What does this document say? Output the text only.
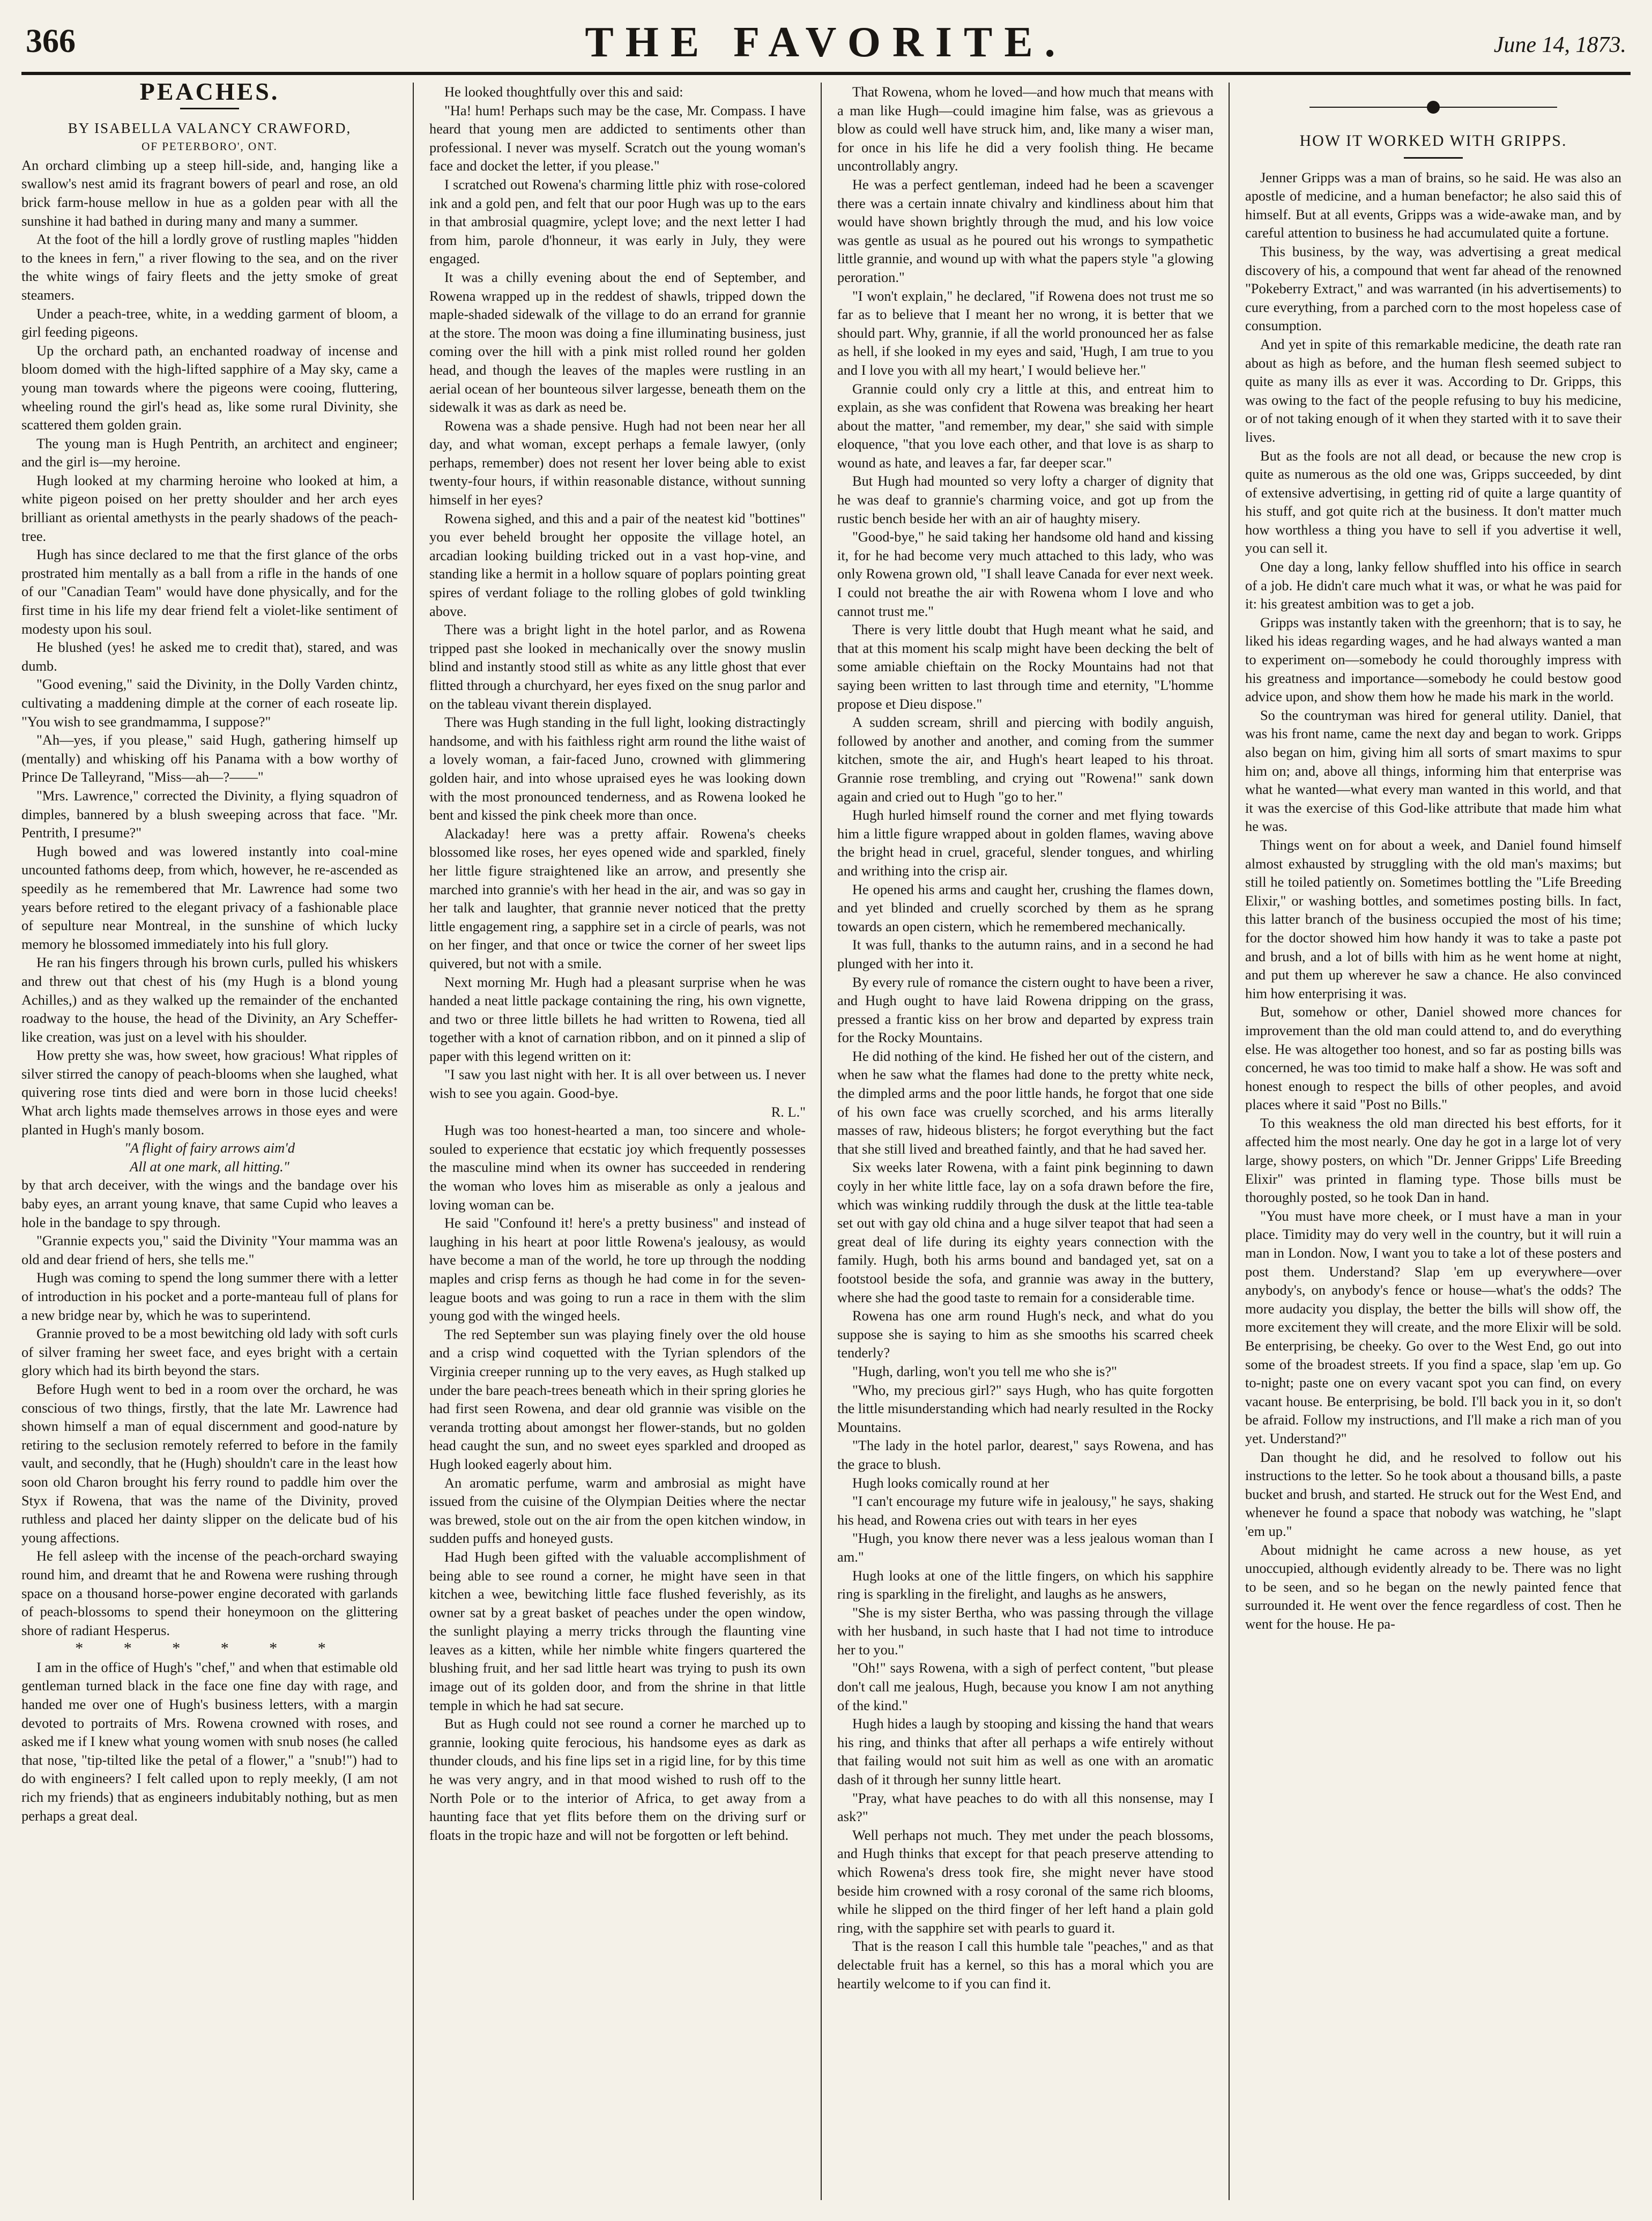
366	THE FAVORITE.	June 14, 1873.

PEACHES.

BY ISABELLA VALANCY CRAWFORD,

OF PETERBORO', ONT.

An orchard climbing up a steep hill-side, and, hanging like a swallow's nest amid its fragrant bowers of pearl and rose, an old brick farm-house mellow in hue as a golden pear with all the sunshine it had bathed in during many and many a summer.

At the foot of the hill a lordly grove of rustling maples "hidden to the knees in fern," a river flowing to the sea, and on the river the white wings of fairy fleets and the jetty smoke of great steamers.

Under a peach-tree, white, in a wedding garment of bloom, a girl feeding pigeons.

Up the orchard path, an enchanted roadway of incense and bloom domed with the high-lifted sapphire of a May sky, came a young man towards where the pigeons were cooing, fluttering, wheeling round the girl's head as, like some rural Divinity, she scattered them golden grain.

The young man is Hugh Pentrith, an architect and engineer; and the girl is—my heroine.

Hugh looked at my charming heroine who looked at him, a white pigeon poised on her pretty shoulder and her arch eyes brilliant as oriental amethysts in the pearly shadows of the peach-tree.

Hugh has since declared to me that the first glance of the orbs prostrated him mentally as a ball from a rifle in the hands of one of our "Canadian Team" would have done physically, and for the first time in his life my dear friend felt a violet-like sentiment of modesty upon his soul.

He blushed (yes! he asked me to credit that), stared, and was dumb.

"Good evening," said the Divinity, in the Dolly Varden chintz, cultivating a maddening dimple at the corner of each roseate lip. "You wish to see grandmamma, I suppose?"

"Ah—yes, if you please," said Hugh, gathering himself up (mentally) and whisking off his Panama with a bow worthy of Prince De Talleyrand, "Miss—ah—?——"

"Mrs. Lawrence," corrected the Divinity, a flying squadron of dimples, bannered by a blush sweeping across that face. "Mr. Pentrith, I presume?"

Hugh bowed and was lowered instantly into coal-mine uncounted fathoms deep, from which, however, he re-ascended as speedily as he remembered that Mr. Lawrence had some two years before retired to the elegant privacy of a fashionable place of sepulture near Montreal, in the sunshine of which lucky memory he blossomed immediately into his full glory.

He ran his fingers through his brown curls, pulled his whiskers and threw out that chest of his (my Hugh is a blond young Achilles,) and as they walked up the remainder of the enchanted roadway to the house, the head of the Divinity, an Ary Scheffer-like creation, was just on a level with his shoulder.

How pretty she was, how sweet, how gracious! What ripples of silver stirred the canopy of peach-blooms when she laughed, what quivering rose tints died and were born in those lucid cheeks! What arch lights made themselves arrows in those eyes and were planted in Hugh's manly bosom.

"A flight of fairy arrows aim'd

All at one mark, all hitting."

by that arch deceiver, with the wings and the bandage over his baby eyes, an arrant young knave, that same Cupid who leaves a hole in the bandage to spy through.

"Grannie expects you," said the Divinity "Your mamma was an old and dear friend of hers, she tells me."

Hugh was coming to spend the long summer there with a letter of introduction in his pocket and a porte-manteau full of plans for a new bridge near by, which he was to superintend.

Grannie proved to be a most bewitching old lady with soft curls of silver framing her sweet face, and eyes bright with a certain glory which had its birth beyond the stars.

Before Hugh went to bed in a room over the orchard, he was conscious of two things, firstly, that the late Mr. Lawrence had shown himself a man of equal discernment and good-nature by retiring to the seclusion remotely referred to before in the family vault, and secondly, that he (Hugh) shouldn't care in the least how soon old Charon brought his ferry round to paddle him over the Styx if Rowena, that was the name of the Divinity, proved ruthless and placed her dainty slipper on the delicate bud of his young affections.

He fell asleep with the incense of the peach-orchard swaying round him, and dreamt that he and Rowena were rushing through space on a thousand horse-power engine decorated with garlands of peach-blossoms to spend their honeymoon on the glittering shore of radiant Hesperus.

* * * * * *

I am in the office of Hugh's "chef," and when that estimable old gentleman turned black in the face one fine day with rage, and handed me over one of Hugh's business letters, with a margin devoted to portraits of Mrs. Rowena crowned with roses, and asked me if I knew what young women with snub noses (he called that nose, "tip-tilted like the petal of a flower," a "snub!") had to do with engineers? I felt called upon to reply meekly, (I am not rich my friends) that as engineers indubitably nothing, but as men perhaps a great deal.

He looked thoughtfully over this and said:

"Ha! hum! Perhaps such may be the case, Mr. Compass. I have heard that young men are addicted to sentiments other than professional. I never was myself. Scratch out the young woman's face and docket the letter, if you please."

I scratched out Rowena's charming little phiz with rose-colored ink and a gold pen, and felt that our poor Hugh was up to the ears in that ambrosial quagmire, yclept love; and the next letter I had from him, parole d'honneur, it was early in July, they were engaged.

It was a chilly evening about the end of September, and Rowena wrapped up in the reddest of shawls, tripped down the maple-shaded sidewalk of the village to do an errand for grannie at the store. The moon was doing a fine illuminating business, just coming over the hill with a pink mist rolled round her golden head, and though the leaves of the maples were rustling in an aerial ocean of her bounteous silver largesse, beneath them on the sidewalk it was as dark as need be.

Rowena was a shade pensive. Hugh had not been near her all day, and what woman, except perhaps a female lawyer, (only perhaps, remember) does not resent her lover being able to exist twenty-four hours, if within reasonable distance, without sunning himself in her eyes?

Rowena sighed, and this and a pair of the neatest kid "bottines" you ever beheld brought her opposite the village hotel, an arcadian looking building tricked out in a vast hop-vine, and standing like a hermit in a hollow square of poplars pointing great spires of verdant foliage to the rolling globes of gold twinkling above.

There was a bright light in the hotel parlor, and as Rowena tripped past she looked in mechanically over the snowy muslin blind and instantly stood still as white as any little ghost that ever flitted through a churchyard, her eyes fixed on the snug parlor and on the tableau vivant therein displayed.

There was Hugh standing in the full light, looking distractingly handsome, and with his faithless right arm round the lithe waist of a lovely woman, a fair-faced Juno, crowned with glimmering golden hair, and into whose upraised eyes he was looking down with the most pronounced tenderness, and as Rowena looked he bent and kissed the pink cheek more than once.

Alackaday! here was a pretty affair. Rowena's cheeks blossomed like roses, her eyes opened wide and sparkled, finely her little figure straightened like an arrow, and presently she marched into grannie's with her head in the air, and was so gay in her talk and laughter, that grannie never noticed that the pretty little engagement ring, a sapphire set in a circle of pearls, was not on her finger, and that once or twice the corner of her sweet lips quivered, but not with a smile.

Next morning Mr. Hugh had a pleasant surprise when he was handed a neat little package containing the ring, his own vignette, and two or three little billets he had written to Rowena, tied all together with a knot of carnation ribbon, and on it pinned a slip of paper with this legend written on it:

"I saw you last night with her. It is all over between us. I never wish to see you again. Good-bye.

R. L."

Hugh was too honest-hearted a man, too sincere and whole-souled to experience that ecstatic joy which frequently possesses the masculine mind when its owner has succeeded in rendering the woman who loves him as miserable as only a jealous and loving woman can be.

He said "Confound it! here's a pretty business" and instead of laughing in his heart at poor little Rowena's jealousy, as would have become a man of the world, he tore up through the nodding maples and crisp ferns as though he had come in for the seven-league boots and was going to run a race in them with the slim young god with the winged heels.

The red September sun was playing finely over the old house and a crisp wind coquetted with the Tyrian splendors of the Virginia creeper running up to the very eaves, as Hugh stalked up under the bare peach-trees beneath which in their spring glories he had first seen Rowena, and dear old grannie was visible on the veranda trotting about amongst her flower-stands, but no golden head caught the sun, and no sweet eyes sparkled and drooped as Hugh looked eagerly about him.

An aromatic perfume, warm and ambrosial as might have issued from the cuisine of the Olympian Deities where the nectar was brewed, stole out on the air from the open kitchen window, in sudden puffs and honeyed gusts.

Had Hugh been gifted with the valuable accomplishment of being able to see round a corner, he might have seen in that kitchen a wee, bewitching little face flushed feverishly, as its owner sat by a great basket of peaches under the open window, the sunlight playing a merry tricks through the flaunting vine leaves as a kitten, while her nimble white fingers quartered the blushing fruit, and her sad little heart was trying to push its own image out of its golden door, and from the shrine in that little temple in which he had sat secure.

But as Hugh could not see round a corner he marched up to grannie, looking quite ferocious, his handsome eyes as dark as thunder clouds, and his fine lips set in a rigid line, for by this time he was very angry, and in that mood wished to rush off to the North Pole or to the interior of Africa, to get away from a haunting face that yet flits before them on the driving surf or floats in the tropic haze and will not be forgotten or left behind.

That Rowena, whom he loved—and how much that means with a man like Hugh—could imagine him false, was as grievous a blow as could well have struck him, and, like many a wiser man, for once in his life he did a very foolish thing. He became uncontrollably angry.

He was a perfect gentleman, indeed had he been a scavenger there was a certain innate chivalry and kindliness about him that would have shown brightly through the mud, and his low voice was gentle as usual as he poured out his wrongs to sympathetic little grannie, and wound up with what the papers style "a glowing peroration."

"I won't explain," he declared, "if Rowena does not trust me so far as to believe that I meant her no wrong, it is better that we should part. Why, grannie, if all the world pronounced her as false as hell, if she looked in my eyes and said, 'Hugh, I am true to you and I love you with all my heart,' I would believe her."

Grannie could only cry a little at this, and entreat him to explain, as she was confident that Rowena was breaking her heart about the matter, "and remember, my dear," she said with simple eloquence, "that you love each other, and that love is as sharp to wound as hate, and leaves a far, far deeper scar."

But Hugh had mounted so very lofty a charger of dignity that he was deaf to grannie's charming voice, and got up from the rustic bench beside her with an air of haughty misery.

"Good-bye," he said taking her handsome old hand and kissing it, for he had become very much attached to this lady, who was only Rowena grown old, "I shall leave Canada for ever next week. I could not breathe the air with Rowena whom I love and who cannot trust me."

There is very little doubt that Hugh meant what he said, and that at this moment his scalp might have been decking the belt of some amiable chieftain on the Rocky Mountains had not that saying been written to last through time and eternity, "L'homme propose et Dieu dispose."

A sudden scream, shrill and piercing with bodily anguish, followed by another and another, and coming from the summer kitchen, smote the air, and Hugh's heart leaped to his throat. Grannie rose trembling, and crying out "Rowena!" sank down again and cried out to Hugh "go to her."

Hugh hurled himself round the corner and met flying towards him a little figure wrapped about in golden flames, waving above the bright head in cruel, graceful, slender tongues, and whirling and writhing into the crisp air.

He opened his arms and caught her, crushing the flames down, and yet blinded and cruelly scorched by them as he sprang towards an open cistern, which he remembered mechanically.

It was full, thanks to the autumn rains, and in a second he had plunged with her into it.

By every rule of romance the cistern ought to have been a river, and Hugh ought to have laid Rowena dripping on the grass, pressed a frantic kiss on her brow and departed by express train for the Rocky Mountains.

He did nothing of the kind. He fished her out of the cistern, and when he saw what the flames had done to the pretty white neck, the dimpled arms and the poor little hands, he forgot that one side of his own face was cruelly scorched, and his arms literally masses of raw, hideous blisters; he forgot everything but the fact that she still lived and breathed faintly, and that he had saved her.

Six weeks later Rowena, with a faint pink beginning to dawn coyly in her white little face, lay on a sofa drawn before the fire, which was winking ruddily through the dusk at the little tea-table set out with gay old china and a huge silver teapot that had seen a great deal of life during its eighty years connection with the family. Hugh, both his arms bound and bandaged yet, sat on a footstool beside the sofa, and grannie was away in the buttery, where she had the good taste to remain for a considerable time.

Rowena has one arm round Hugh's neck, and what do you suppose she is saying to him as she smooths his scarred cheek tenderly?

"Hugh, darling, won't you tell me who she is?"

"Who, my precious girl?" says Hugh, who has quite forgotten the little misunderstanding which had nearly resulted in the Rocky Mountains.

"The lady in the hotel parlor, dearest," says Rowena, and has the grace to blush.

Hugh looks comically round at her

"I can't encourage my future wife in jealousy," he says, shaking his head, and Rowena cries out with tears in her eyes

"Hugh, you know there never was a less jealous woman than I am."

Hugh looks at one of the little fingers, on which his sapphire ring is sparkling in the firelight, and laughs as he answers,

"She is my sister Bertha, who was passing through the village with her husband, in such haste that I had not time to introduce her to you."

"Oh!" says Rowena, with a sigh of perfect content, "but please don't call me jealous, Hugh, because you know I am not anything of the kind."

Hugh hides a laugh by stooping and kissing the hand that wears his ring, and thinks that after all perhaps a wife entirely without that failing would not suit him as well as one with an aromatic dash of it through her sunny little heart.

"Pray, what have peaches to do with all this nonsense, may I ask?"

Well perhaps not much. They met under the peach blossoms, and Hugh thinks that except for that peach preserve attending to which Rowena's dress took fire, she might never have stood beside him crowned with a rosy coronal of the same rich blooms, while he slipped on the third finger of her left hand a plain gold ring, with the sapphire set with pearls to guard it.

That is the reason I call this humble tale "peaches," and as that delectable fruit has a kernel, so this has a moral which you are heartily welcome to if you can find it.

HOW IT WORKED WITH GRIPPS.

Jenner Gripps was a man of brains, so he said. He was also an apostle of medicine, and a human benefactor; he also said this of himself. But at all events, Gripps was a wide-awake man, and by careful attention to business he had accumulated quite a fortune.

This business, by the way, was advertising a great medical discovery of his, a compound that went far ahead of the renowned "Pokeberry Extract," and was warranted (in his advertisements) to cure everything, from a parched corn to the most hopeless case of consumption.

And yet in spite of this remarkable medicine, the death rate ran about as high as before, and the human flesh seemed subject to quite as many ills as ever it was. According to Dr. Gripps, this was owing to the fact of the people refusing to buy his medicine, or of not taking enough of it when they started with it to save their lives.

But as the fools are not all dead, or because the new crop is quite as numerous as the old one was, Gripps succeeded, by dint of extensive advertising, in getting rid of quite a large quantity of his stuff, and got quite rich at the business. It don't matter much how worthless a thing you have to sell if you advertise it well, you can sell it.

One day a long, lanky fellow shuffled into his office in search of a job. He didn't care much what it was, or what he was paid for it: his greatest ambition was to get a job.

Gripps was instantly taken with the greenhorn; that is to say, he liked his ideas regarding wages, and he had always wanted a man to experiment on—somebody he could thoroughly impress with his greatness and importance—somebody he could bestow good advice upon, and show them how he made his mark in the world.

So the countryman was hired for general utility. Daniel, that was his front name, came the next day and began to work. Gripps also began on him, giving him all sorts of smart maxims to spur him on; and, above all things, informing him that enterprise was what he wanted—what every man wanted in this world, and that it was the exercise of this God-like attribute that made him what he was.

Things went on for about a week, and Daniel found himself almost exhausted by struggling with the old man's maxims; but still he toiled patiently on. Sometimes bottling the "Life Breeding Elixir," or washing bottles, and sometimes posting bills. In fact, this latter branch of the business occupied the most of his time; for the doctor showed him how handy it was to take a paste pot and brush, and a lot of bills with him as he went home at night, and put them up wherever he saw a chance. He also convinced him how enterprising it was.

But, somehow or other, Daniel showed more chances for improvement than the old man could attend to, and do everything else. He was altogether too honest, and so far as posting bills was concerned, he was too timid to make half a show. He was soft and honest enough to respect the bills of other peoples, and avoid places where it said "Post no Bills."

To this weakness the old man directed his best efforts, for it affected him the most nearly. One day he got in a large lot of very large, showy posters, on which "Dr. Jenner Gripps' Life Breeding Elixir" was printed in flaming type. Those bills must be thoroughly posted, so he took Dan in hand.

"You must have more cheek, or I must have a man in your place. Timidity may do very well in the country, but it will ruin a man in London. Now, I want you to take a lot of these posters and post them. Understand? Slap 'em up everywhere—over anybody's, on anybody's fence or house—what's the odds? The more audacity you display, the better the bills will show off, the more excitement they will create, and the more Elixir will be sold. Be enterprising, be cheeky. Go over to the West End, go out into some of the broadest streets. If you find a space, slap 'em up. Go to-night; paste one on every vacant spot you can find, on every vacant house. Be enterprising, be bold. I'll back you in it, so don't be afraid. Follow my instructions, and I'll make a rich man of you yet. Understand?"

Dan thought he did, and he resolved to follow out his instructions to the letter. So he took about a thousand bills, a paste bucket and brush, and started. He struck out for the West End, and whenever he found a space that nobody was watching, he "slapt 'em up."

About midnight he came across a new house, as yet unoccupied, although evidently already to be. There was no light to be seen, and so he began on the newly painted fence that surrounded it. He went over the fence regardless of cost. Then he went for the house. He pa-
